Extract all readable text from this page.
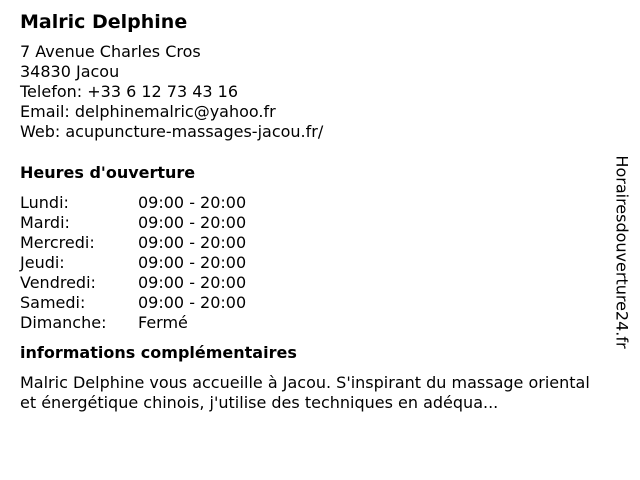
Malric Delphine
7 Avenue Charles Cros
34830 Jacou
Telefon: +33 6 12 73 43 16
Email: delphinemalric@yahoo.fr
Web: acupuncture-massages-jacou.fr/
Heures d'ouverture
Lundi:	09:00 - 20:00
Mardi:	09:00 - 20:00
Mercredi:	09:00 - 20:00
Jeudi:	09:00 - 20:00
Vendredi:	09:00 - 20:00
Samedi:	09:00 - 20:00
Dimanche:	Fermé
informations complémentaires

Malric Delphine vous accueille à Jacou. S'inspirant du massage oriental et énergétique chinois, j'utilise des techniques en adéqua...

Horairesdouverture24.fr
